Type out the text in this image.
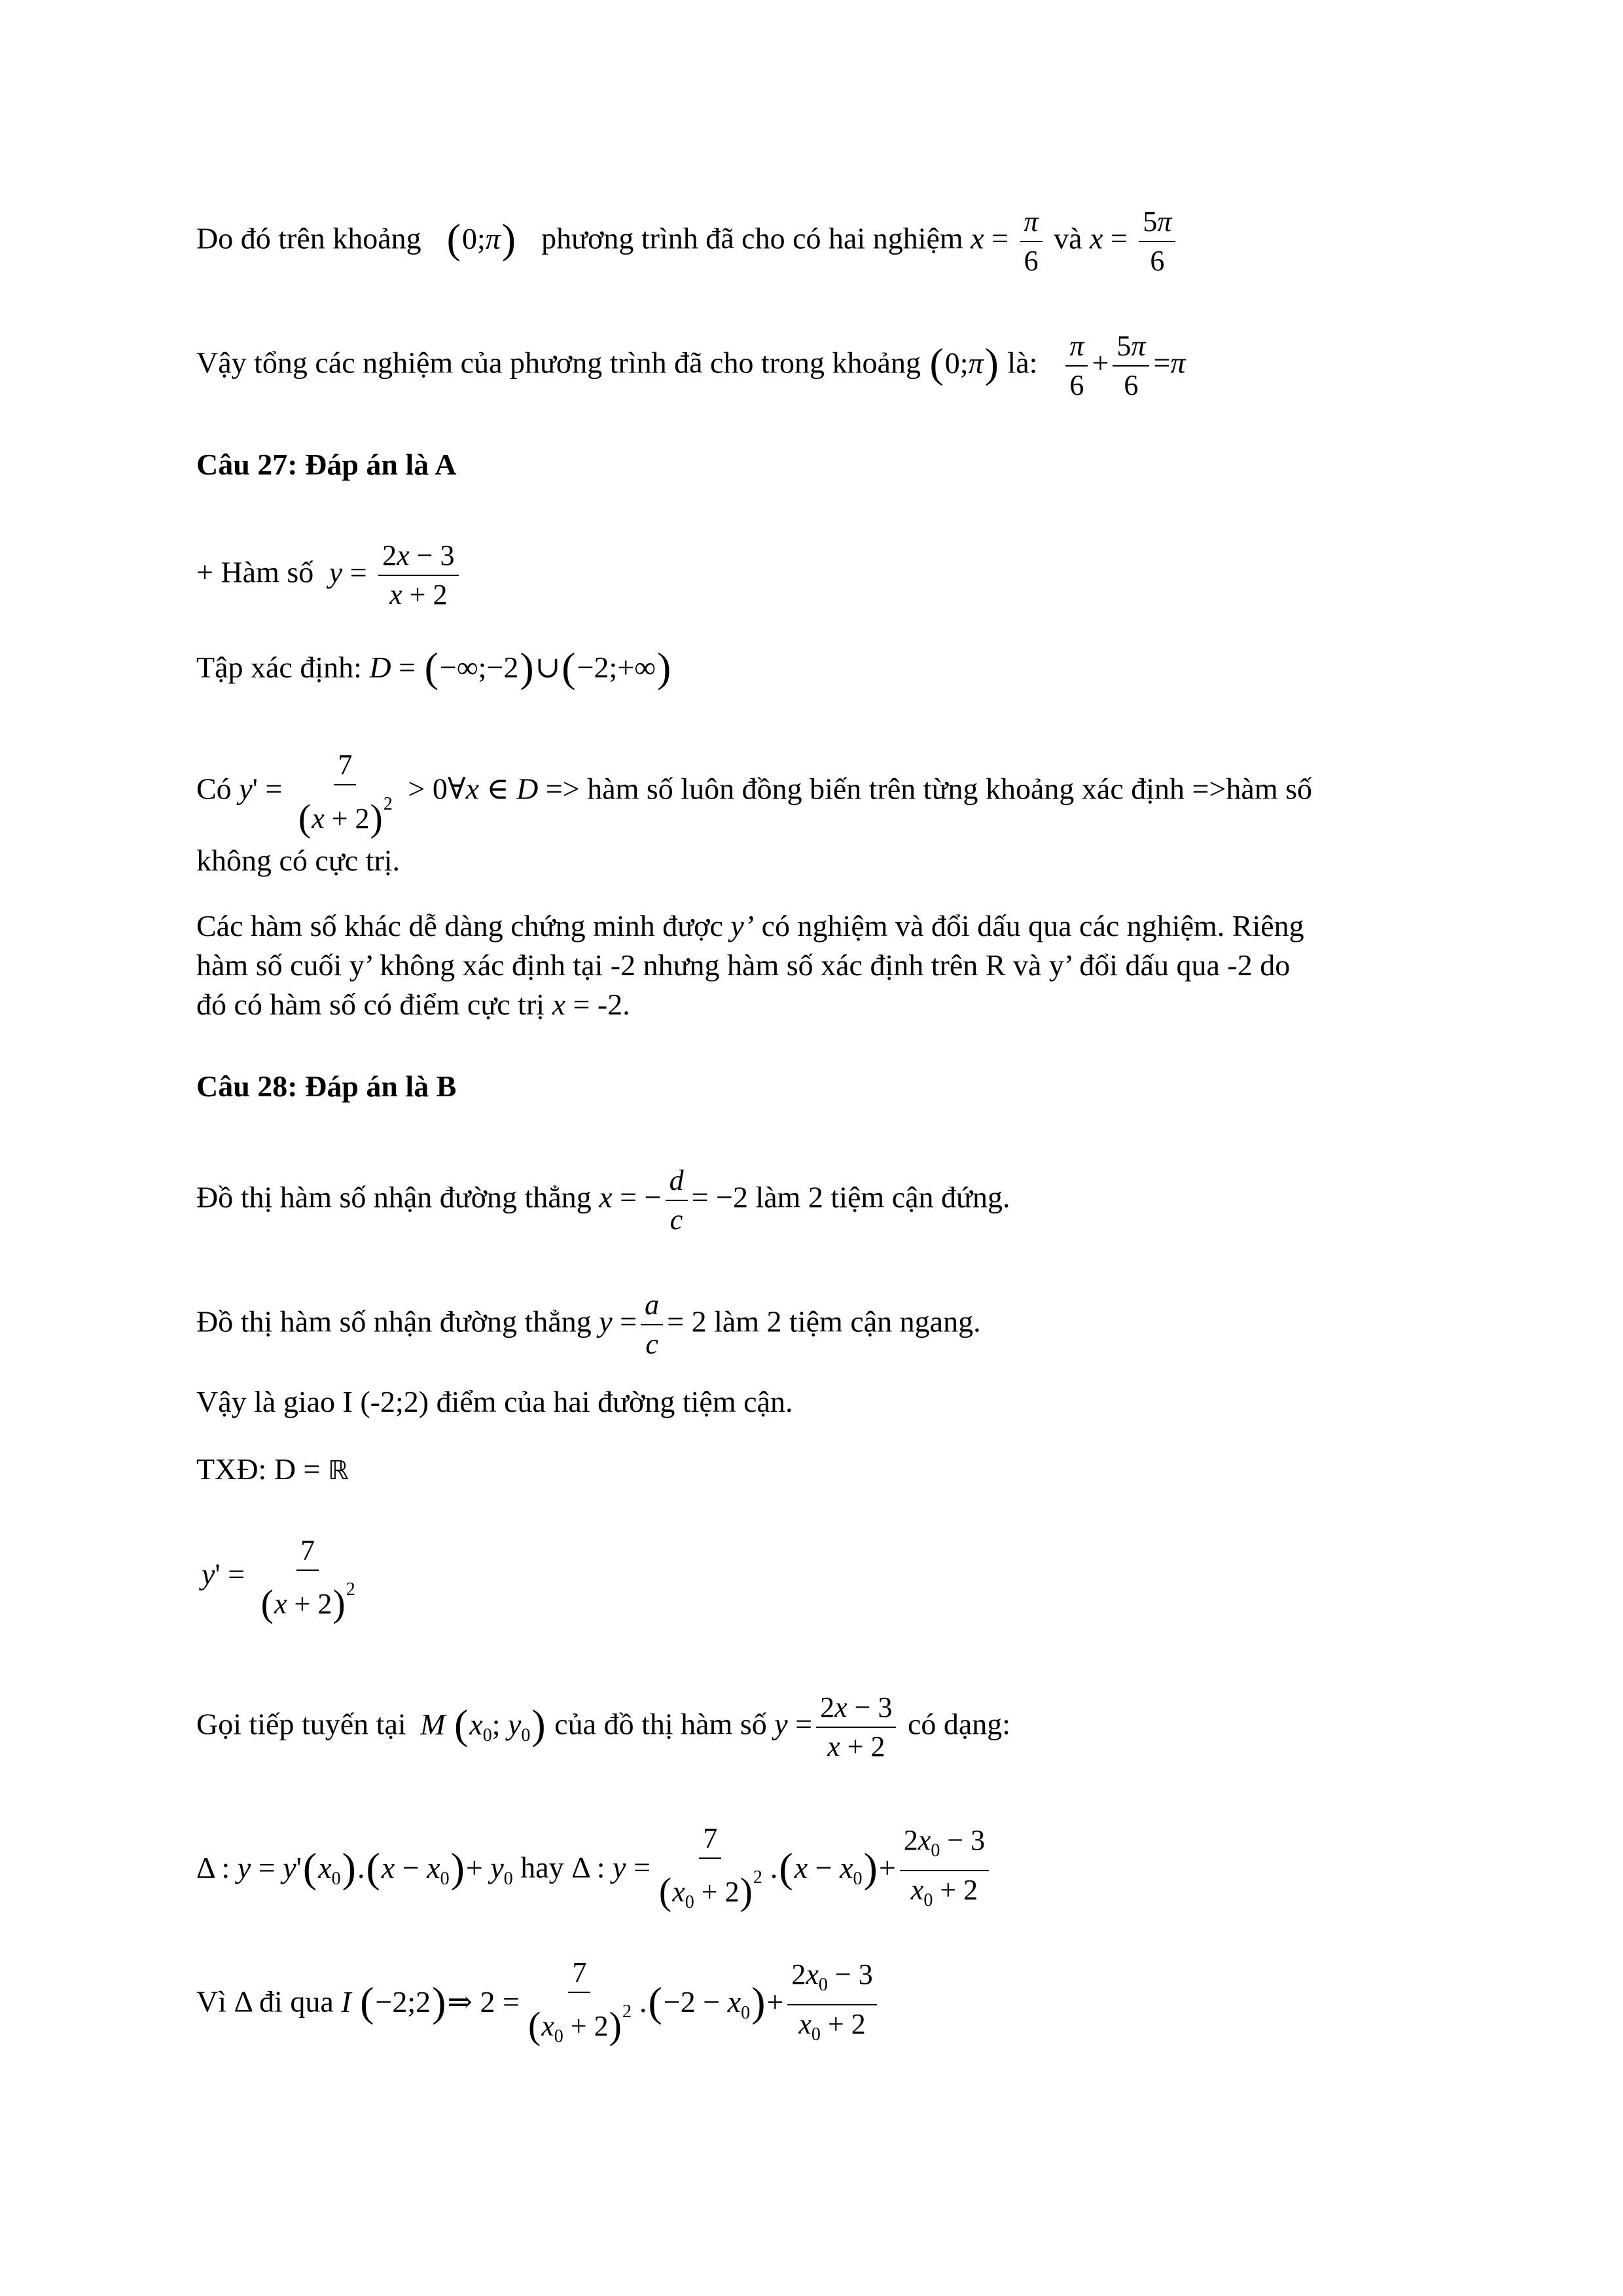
Do đó trên khoảng (0;π) phương trình đã cho có hai nghiệm $x = \frac{\pi}{6}$ và $x = \frac{5\pi}{6}$
Vậy tổng các nghiệm của phương trình đã cho trong khoảng (0;π) là: $\frac{\pi}{6} + \frac{5\pi}{6} =\pi$
Câu 27: Đáp án là A
+ Hàm số $y = \frac{2x - 3}{x + 2}$
Tập xác định: D = (−∞;−2)∪(−2;+∞)
Có $y' = \frac{7}{(x + 2)^2}$ > 0∀x ∈ D => hàm số luôn đồng biến trên từng khoảng xác định =>hàm số
không có cực trị.
Các hàm số khác dễ dàng chứng minh được y’ có nghiệm và đổi dấu qua các nghiệm. Riêng
hàm số cuối y’ không xác định tại -2 nhưng hàm số xác định trên R và y’ đổi dấu qua -2 do
đó có hàm số có điểm cực trị x = -2.
Câu 28: Đáp án là B
Đồ thị hàm số nhận đường thẳng x = − $\frac{d}{c} = -2$ làm 2 tiệm cận đứng.
Đồ thị hàm số nhận đường thẳng $y = \frac{a}{c} = 2$ làm 2 tiệm cận ngang.
Vậy là giao I (-2;2) điểm của hai đường tiệm cận.
TXĐ: D = ℝ
$y' = \frac{7}{(x + 2)^2}$
Gọi tiếp tuyến tại M ($x_0$; $y_0$) của đồ thị hàm số $y = \frac{2x - 3}{x + 2}$ có dạng:
Δ : $y = y'(x_0).(x - x_0)+ y_0$ hay Δ : $y = \frac{7}{(x_0 + 2)^2} .(x - x_0)+ \frac{2x_0 - 3}{x_0 + 2}$
Vì Δ đi qua I (−2;2)⇒ $2 = \frac{7}{(x_0 + 2)^2} .(-2 - x_0)+ \frac{2x_0 - 3}{x_0 + 2}$
